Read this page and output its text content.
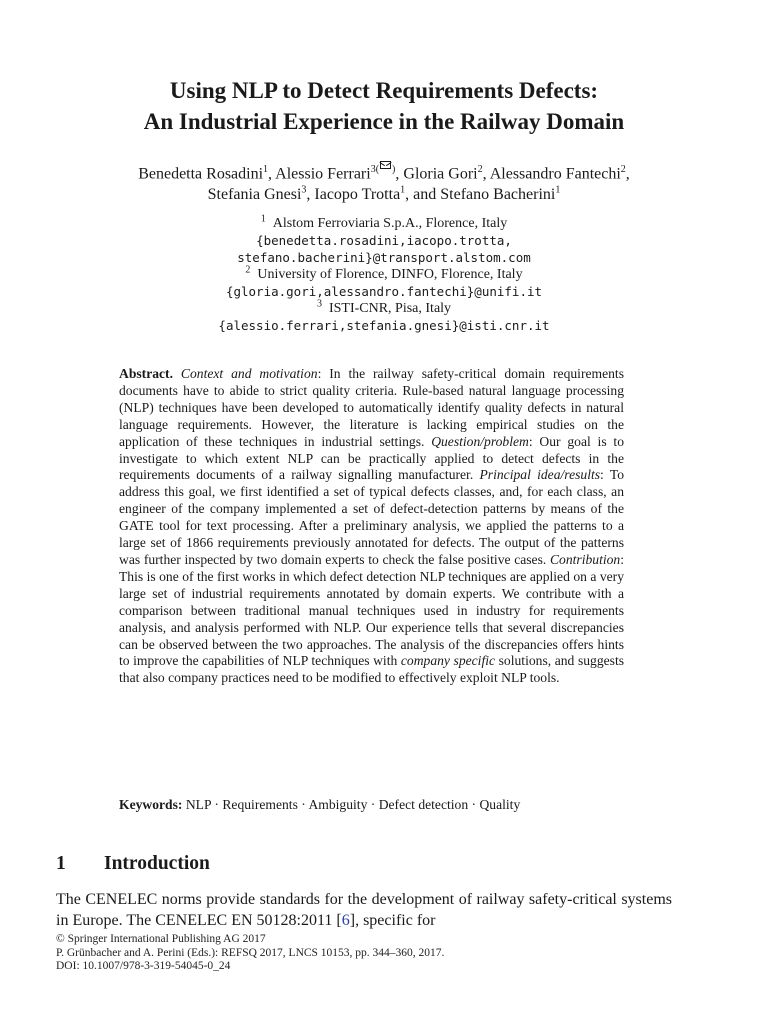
Using NLP to Detect Requirements Defects:
An Industrial Experience in the Railway Domain
Benedetta Rosadini$^1$, Alessio Ferrari$^{3( )}$, Gloria Gori$^2$, Alessandro Fantechi$^2$,
Stefania Gnesi$^3$, Iacopo Trotta$^1$, and Stefano Bacherini$^1$
$^1$ Alstom Ferroviaria S.p.A., Florence, Italy
{benedetta.rosadini,iacopo.trotta,
stefano.bacherini}@transport.alstom.com
$^2$ University of Florence, DINFO, Florence, Italy
{gloria.gori,alessandro.fantechi}@unifi.it
$^3$ ISTI-CNR, Pisa, Italy
{alessio.ferrari,stefania.gnesi}@isti.cnr.it
Abstract. Context and motivation: In the railway safety-critical domain requirements documents have to abide to strict quality criteria. Rule-based natural language processing (NLP) techniques have been developed to automatically identify quality defects in natural language requirements. However, the literature is lacking empirical studies on the application of these techniques in industrial settings. Question/problem: Our goal is to investigate to which extent NLP can be practically applied to detect defects in the requirements documents of a railway signalling manufacturer. Principal idea/results: To address this goal, we first identified a set of typical defects classes, and, for each class, an engineer of the company implemented a set of defect-detection patterns by means of the GATE tool for text processing. After a preliminary analysis, we applied the patterns to a large set of 1866 requirements previously annotated for defects. The output of the patterns was further inspected by two domain experts to check the false positive cases. Contribution: This is one of the first works in which defect detection NLP techniques are applied on a very large set of industrial requirements annotated by domain experts. We contribute with a comparison between traditional manual techniques used in industry for requirements analysis, and analysis performed with NLP. Our experience tells that several discrepancies can be observed between the two approaches. The analysis of the discrepancies offers hints to improve the capabilities of NLP techniques with company specific solutions, and suggests that also company practices need to be modified to effectively exploit NLP tools.
Keywords: NLP · Requirements · Ambiguity · Defect detection · Quality
1 Introduction
The CENELEC norms provide standards for the development of railway safety-critical systems in Europe. The CENELEC EN 50128:2011 [6], specific for
© Springer International Publishing AG 2017
P. Grünbacher and A. Perini (Eds.): REFSQ 2017, LNCS 10153, pp. 344–360, 2017.
DOI: 10.1007/978-3-319-54045-0_24
